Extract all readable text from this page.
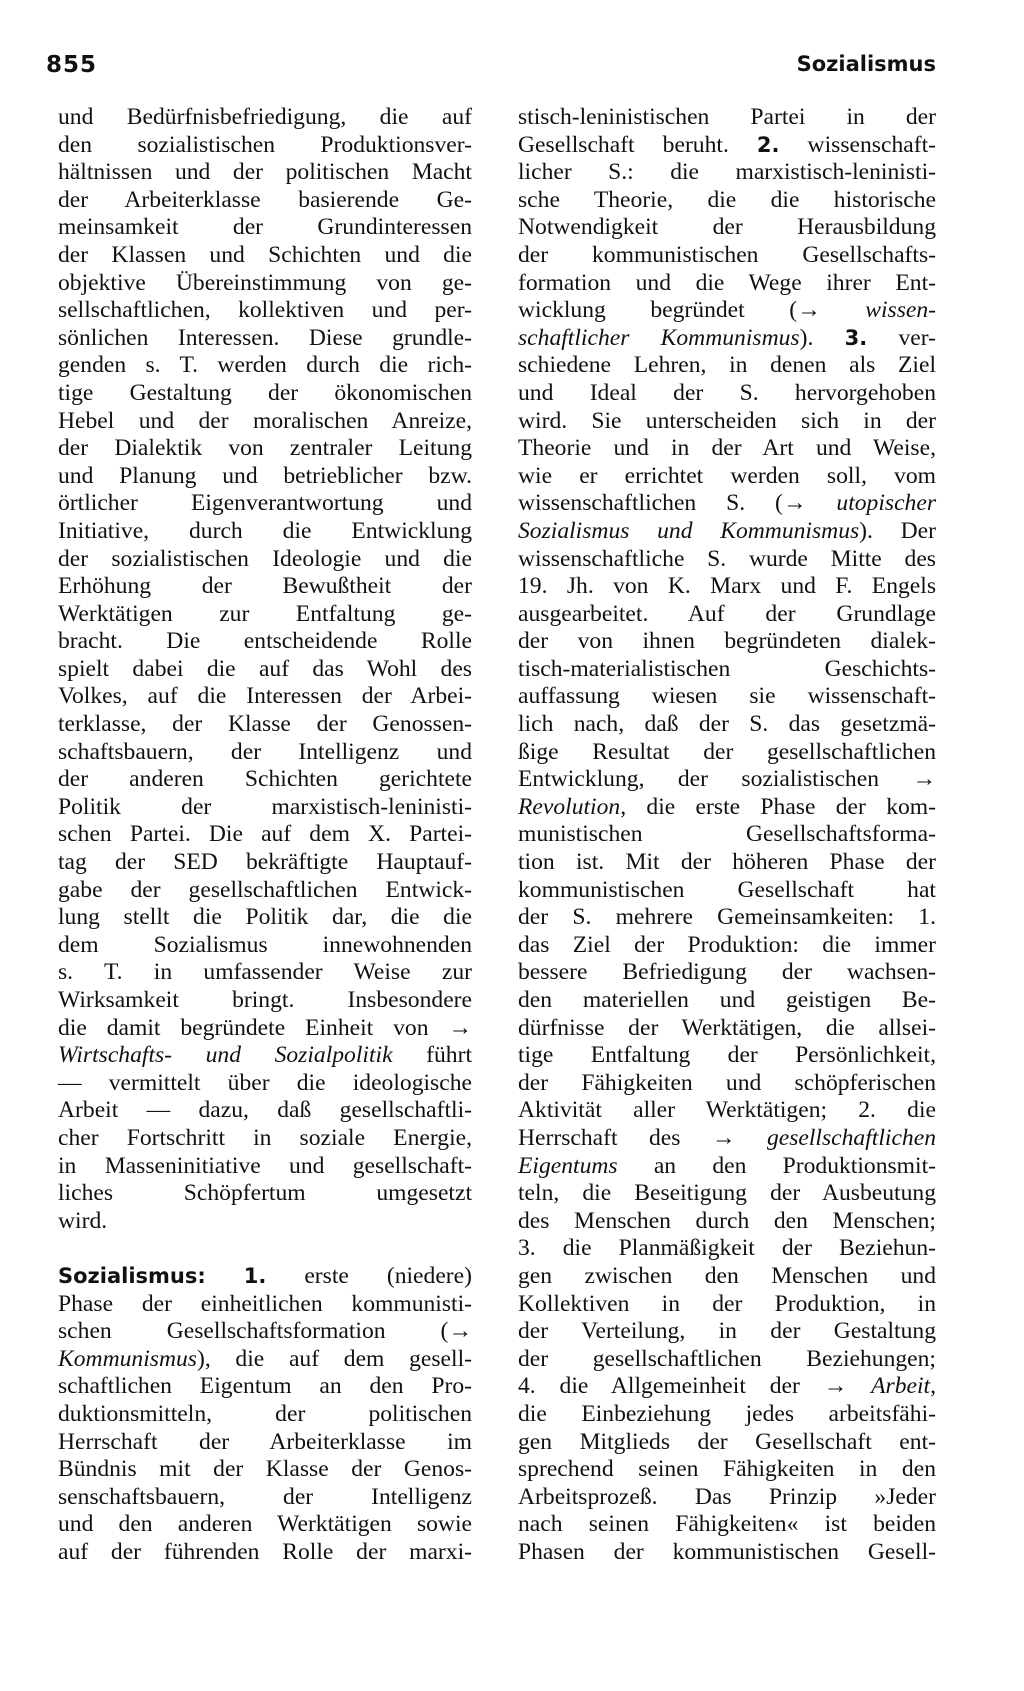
855	Sozialismus
und Bedürfnisbefriedigung, die auf
den sozialistischen Produktionsver-
hältnissen und der politischen Macht
der Arbeiterklasse basierende Ge-
meinsamkeit der Grundinteressen
der Klassen und Schichten und die
objektive Übereinstimmung von ge-
sellschaftlichen, kollektiven und per-
sönlichen Interessen. Diese grundle-
genden s. T. werden durch die rich-
tige Gestaltung der ökonomischen
Hebel und der moralischen Anreize,
der Dialektik von zentraler Leitung
und Planung und betrieblicher bzw.
örtlicher Eigenverantwortung und
Initiative, durch die Entwicklung
der sozialistischen Ideologie und die
Erhöhung der Bewußtheit der
Werktätigen zur Entfaltung ge-
bracht. Die entscheidende Rolle
spielt dabei die auf das Wohl des
Volkes, auf die Interessen der Arbei-
terklasse, der Klasse der Genossen-
schaftsbauern, der Intelligenz und
der anderen Schichten gerichtete
Politik der marxistisch-leninisti-
schen Partei. Die auf dem X. Partei-
tag der SED bekräftigte Hauptauf-
gabe der gesellschaftlichen Entwick-
lung stellt die Politik dar, die die
dem Sozialismus innewohnenden
s. T. in umfassender Weise zur
Wirksamkeit bringt. Insbesondere
die damit begründete Einheit von →
Wirtschafts- und Sozialpolitik führt
— vermittelt über die ideologische
Arbeit — dazu, daß gesellschaftli-
cher Fortschritt in soziale Energie,
in Masseninitiative und gesellschaft-
liches Schöpfertum umgesetzt
wird.
Sozialismus: 1. erste (niedere)
Phase der einheitlichen kommunisti-
schen Gesellschaftsformation (→
Kommunismus), die auf dem gesell-
schaftlichen Eigentum an den Pro-
duktionsmitteln, der politischen
Herrschaft der Arbeiterklasse im
Bündnis mit der Klasse der Genos-
senschaftsbauern, der Intelligenz
und den anderen Werktätigen sowie
auf der führenden Rolle der marxi-
stisch-leninistischen Partei in der
Gesellschaft beruht. 2. wissenschaft-
licher S.: die marxistisch-leninisti-
sche Theorie, die die historische
Notwendigkeit der Herausbildung
der kommunistischen Gesellschafts-
formation und die Wege ihrer Ent-
wicklung begründet (→ wissen-
schaftlicher Kommunismus). 3. ver-
schiedene Lehren, in denen als Ziel
und Ideal der S. hervorgehoben
wird. Sie unterscheiden sich in der
Theorie und in der Art und Weise,
wie er errichtet werden soll, vom
wissenschaftlichen S. (→ utopischer
Sozialismus und Kommunismus). Der
wissenschaftliche S. wurde Mitte des
19. Jh. von K. Marx und F. Engels
ausgearbeitet. Auf der Grundlage
der von ihnen begründeten dialek-
tisch-materialistischen Geschichts-
auffassung wiesen sie wissenschaft-
lich nach, daß der S. das gesetzmä-
ßige Resultat der gesellschaftlichen
Entwicklung, der sozialistischen →
Revolution, die erste Phase der kom-
munistischen Gesellschaftsforma-
tion ist. Mit der höheren Phase der
kommunistischen Gesellschaft hat
der S. mehrere Gemeinsamkeiten: 1.
das Ziel der Produktion: die immer
bessere Befriedigung der wachsen-
den materiellen und geistigen Be-
dürfnisse der Werktätigen, die allsei-
tige Entfaltung der Persönlichkeit,
der Fähigkeiten und schöpferischen
Aktivität aller Werktätigen; 2. die
Herrschaft des → gesellschaftlichen
Eigentums an den Produktionsmit-
teln, die Beseitigung der Ausbeutung
des Menschen durch den Menschen;
3. die Planmäßigkeit der Beziehun-
gen zwischen den Menschen und
Kollektiven in der Produktion, in
der Verteilung, in der Gestaltung
der gesellschaftlichen Beziehungen;
4. die Allgemeinheit der → Arbeit,
die Einbeziehung jedes arbeitsfähi-
gen Mitglieds der Gesellschaft ent-
sprechend seinen Fähigkeiten in den
Arbeitsprozeß. Das Prinzip »Jeder
nach seinen Fähigkeiten« ist beiden
Phasen der kommunistischen Gesell-
